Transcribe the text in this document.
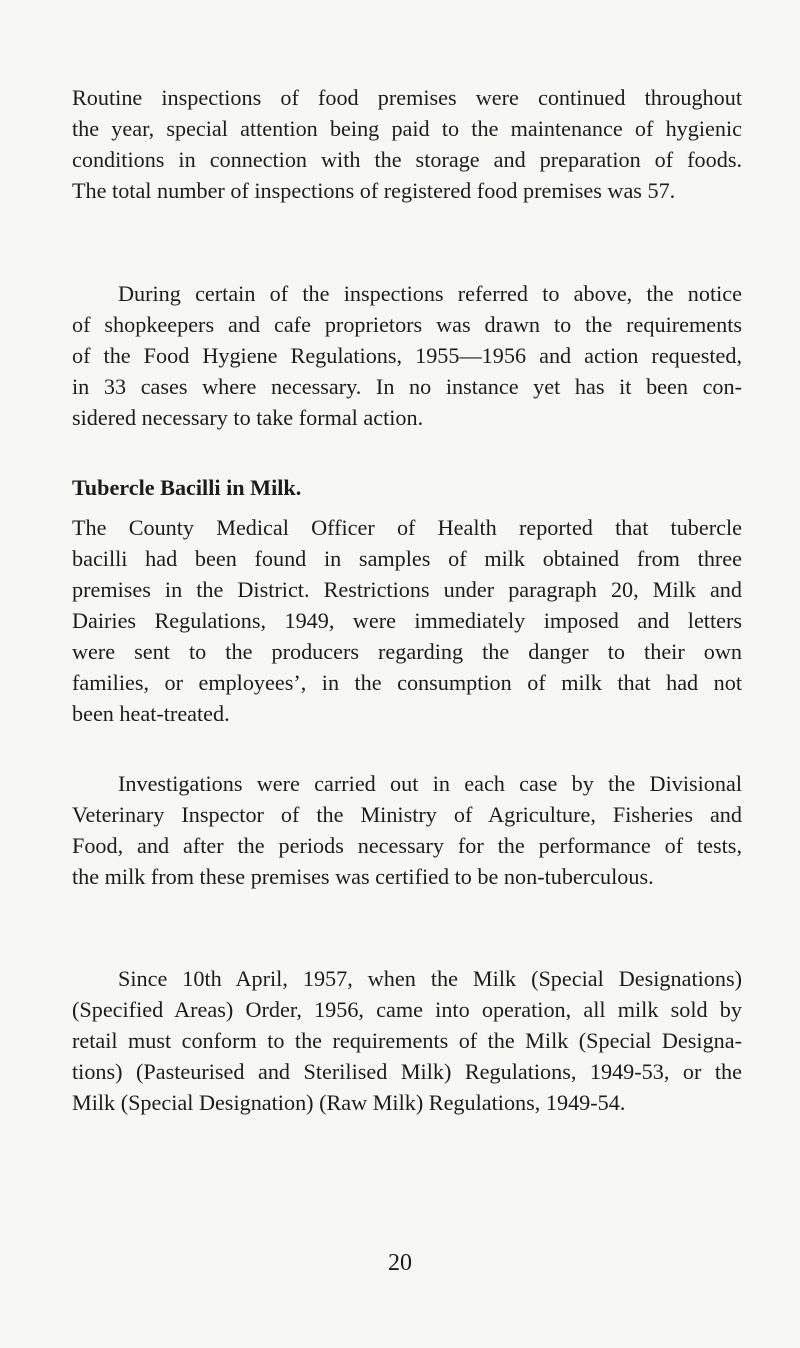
Routine inspections of food premises were continued throughout
the year, special attention being paid to the maintenance of hygienic
conditions in connection with the storage and preparation of foods.
The total number of inspections of registered food premises was 57.

During certain of the inspections referred to above, the notice
of shopkeepers and cafe proprietors was drawn to the requirements
of the Food Hygiene Regulations, 1955—1956 and action requested,
in 33 cases where necessary. In no instance yet has it been con-
sidered necessary to take formal action.

Tubercle Bacilli in Milk.

The County Medical Officer of Health reported that tubercle
bacilli had been found in samples of milk obtained from three
premises in the District. Restrictions under paragraph 20, Milk and
Dairies Regulations, 1949, were immediately imposed and letters
were sent to the producers regarding the danger to their own
families, or employees’, in the consumption of milk that had not
been heat-treated.

Investigations were carried out in each case by the Divisional
Veterinary Inspector of the Ministry of Agriculture, Fisheries and
Food, and after the periods necessary for the performance of tests,
the milk from these premises was certified to be non-tuberculous.

Since 10th April, 1957, when the Milk (Special Designations)
(Specified Areas) Order, 1956, came into operation, all milk sold by
retail must conform to the requirements of the Milk (Special Designa-
tions) (Pasteurised and Sterilised Milk) Regulations, 1949-53, or the
Milk (Special Designation) (Raw Milk) Regulations, 1949-54.

20
